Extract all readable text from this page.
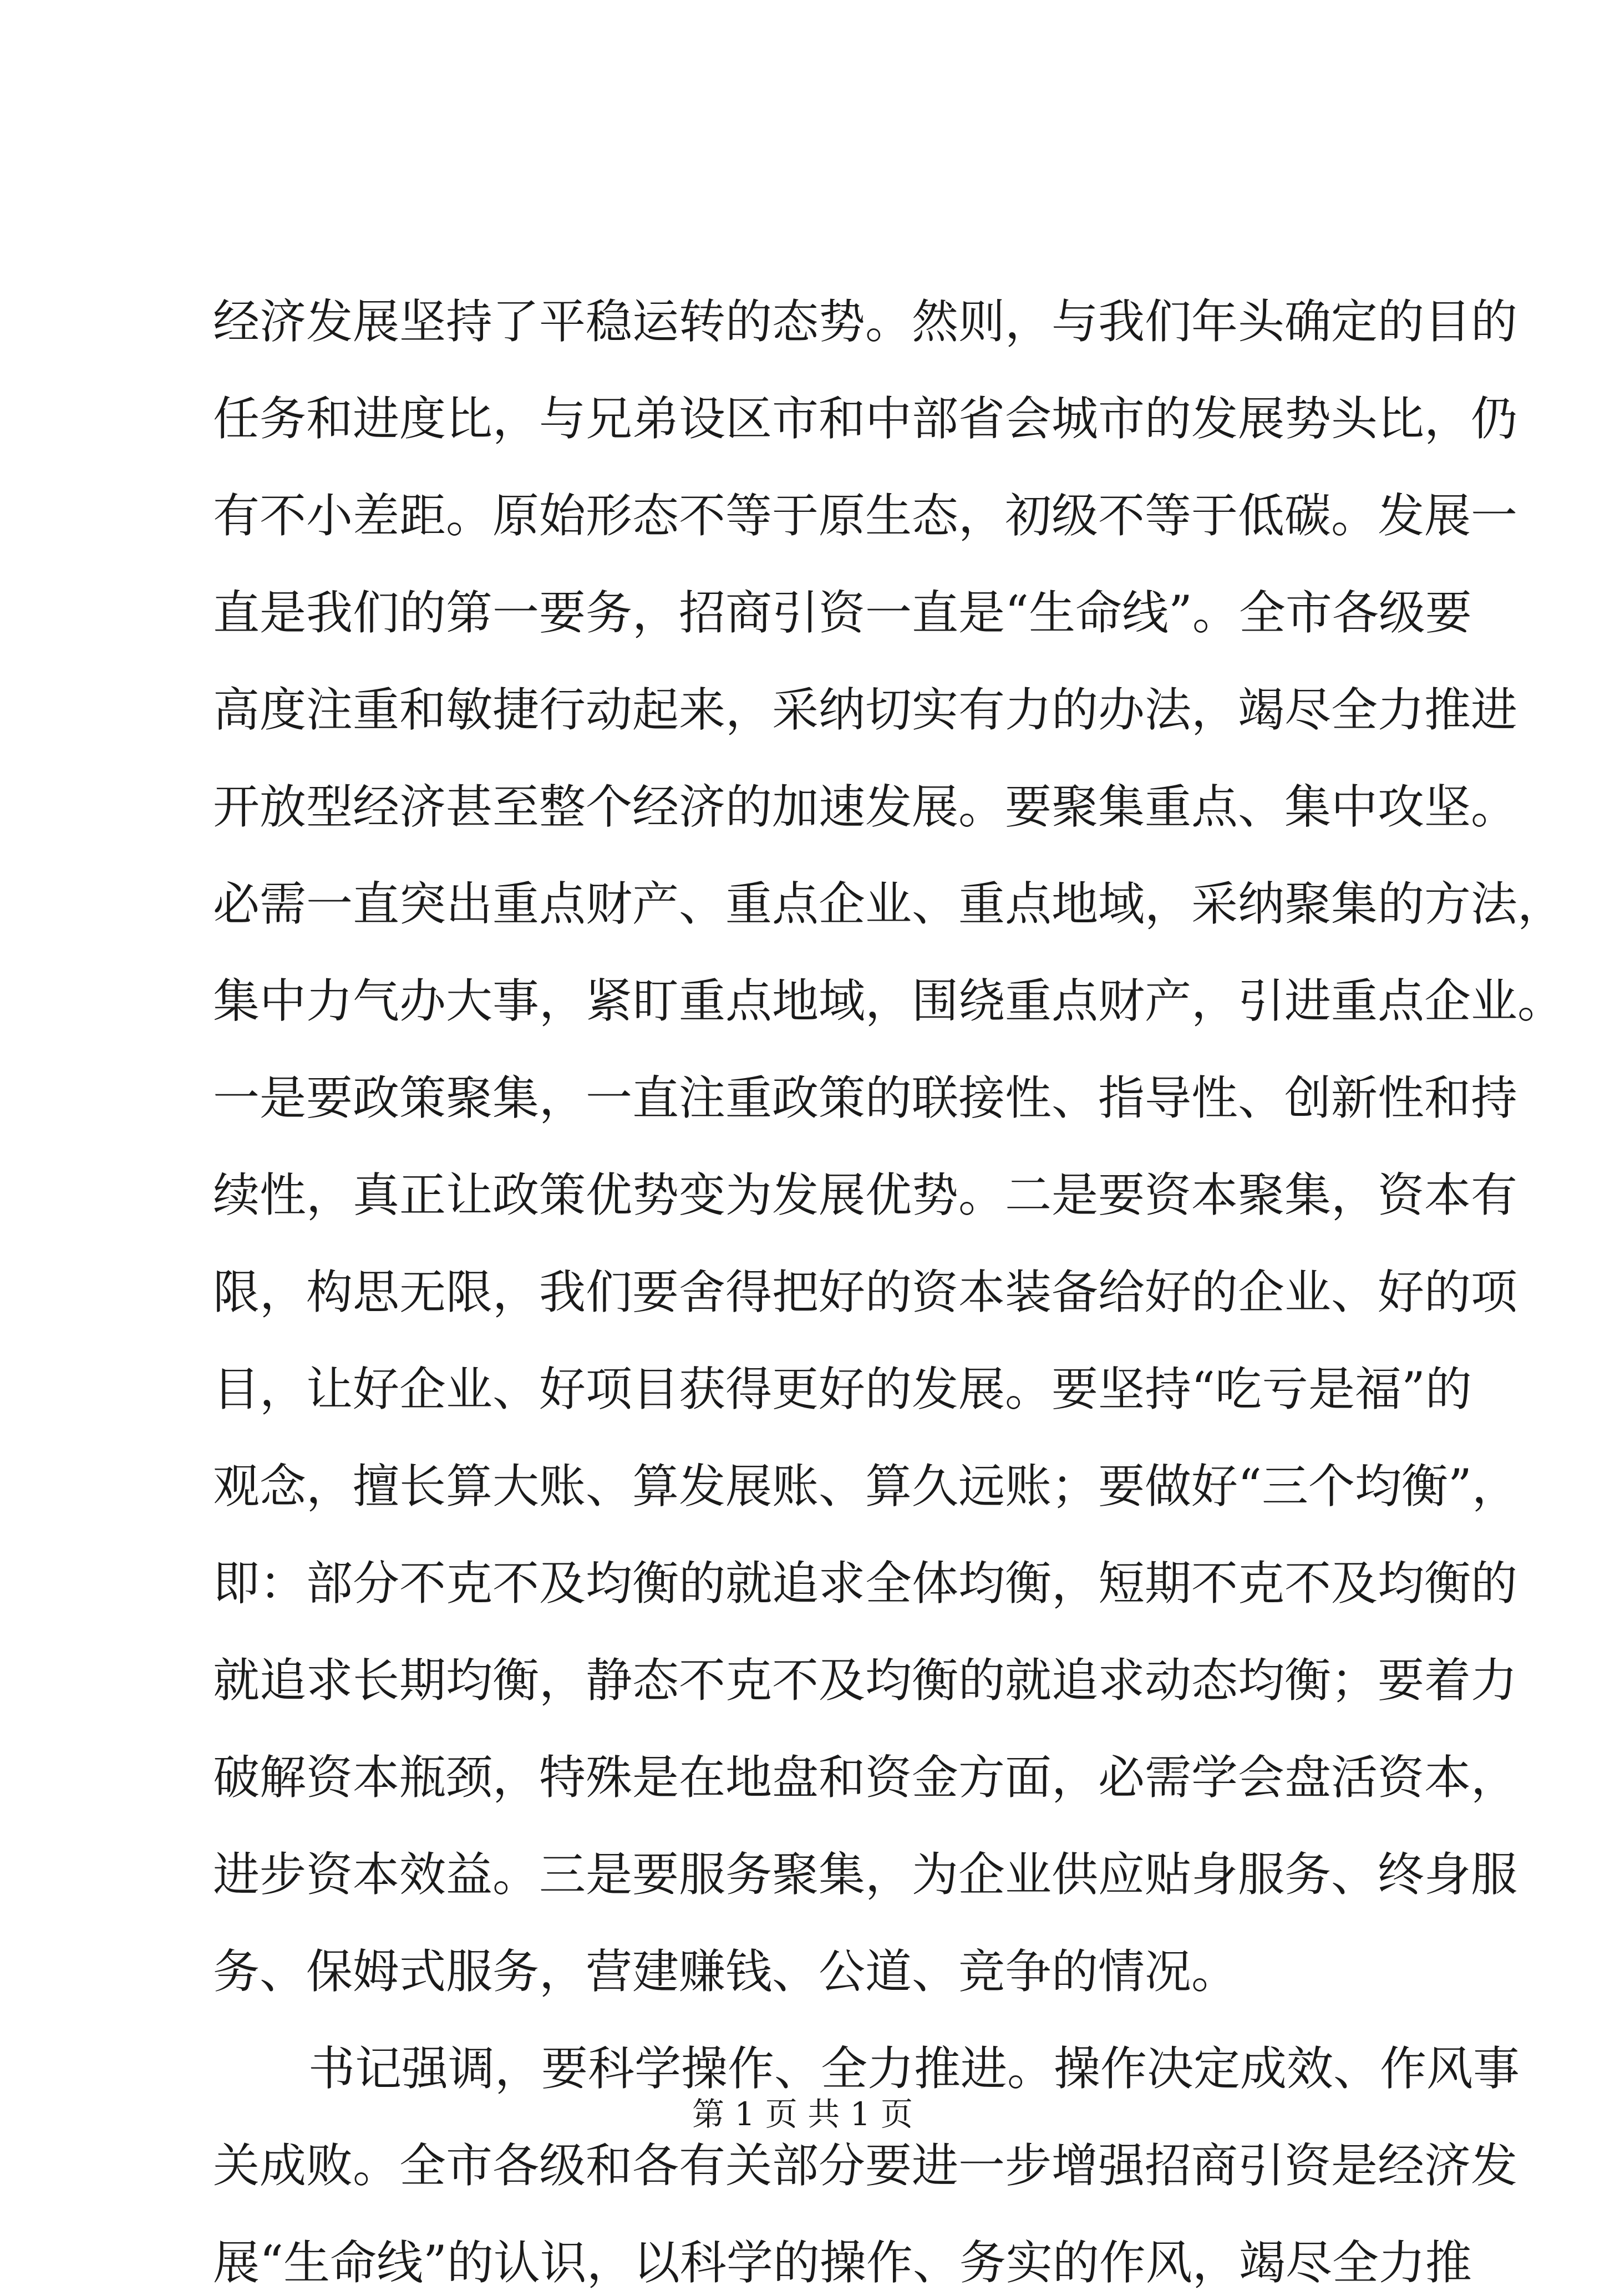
经济发展坚持了平稳运转的态势。然则，与我们年头确定的目的
任务和进度比，与兄弟设区市和中部省会城市的发展势头比，仍
有不小差距。原始形态不等于原生态，初级不等于低碳。发展一
直是我们的第一要务，招商引资一直是“生命线”。全市各级要
高度注重和敏捷行动起来，采纳切实有力的办法，竭尽全力推进
开放型经济甚至整个经济的加速发展。要聚集重点、集中攻坚。
必需一直突出重点财产、重点企业、重点地域，采纳聚集的方法，
集中力气办大事，紧盯重点地域，围绕重点财产，引进重点企业。
一是要政策聚集，一直注重政策的联接性、指导性、创新性和持
续性，真正让政策优势变为发展优势。二是要资本聚集，资本有
限，构思无限，我们要舍得把好的资本装备给好的企业、好的项
目，让好企业、好项目获得更好的发展。要坚持“吃亏是福”的
观念，擅长算大账、算发展账、算久远账；要做好“三个均衡”，
即：部分不克不及均衡的就追求全体均衡，短期不克不及均衡的
就追求长期均衡，静态不克不及均衡的就追求动态均衡；要着力
破解资本瓶颈，特殊是在地盘和资金方面，必需学会盘活资本，
进步资本效益。三是要服务聚集，为企业供应贴身服务、终身服
务、保姆式服务，营建赚钱、公道、竞争的情况。
书记强调，要科学操作、全力推进。操作决定成效、作风事
关成败。全市各级和各有关部分要进一步增强招商引资是经济发
展“生命线”的认识，以科学的操作、务实的作风，竭尽全力推
第 1 页 共 1 页
